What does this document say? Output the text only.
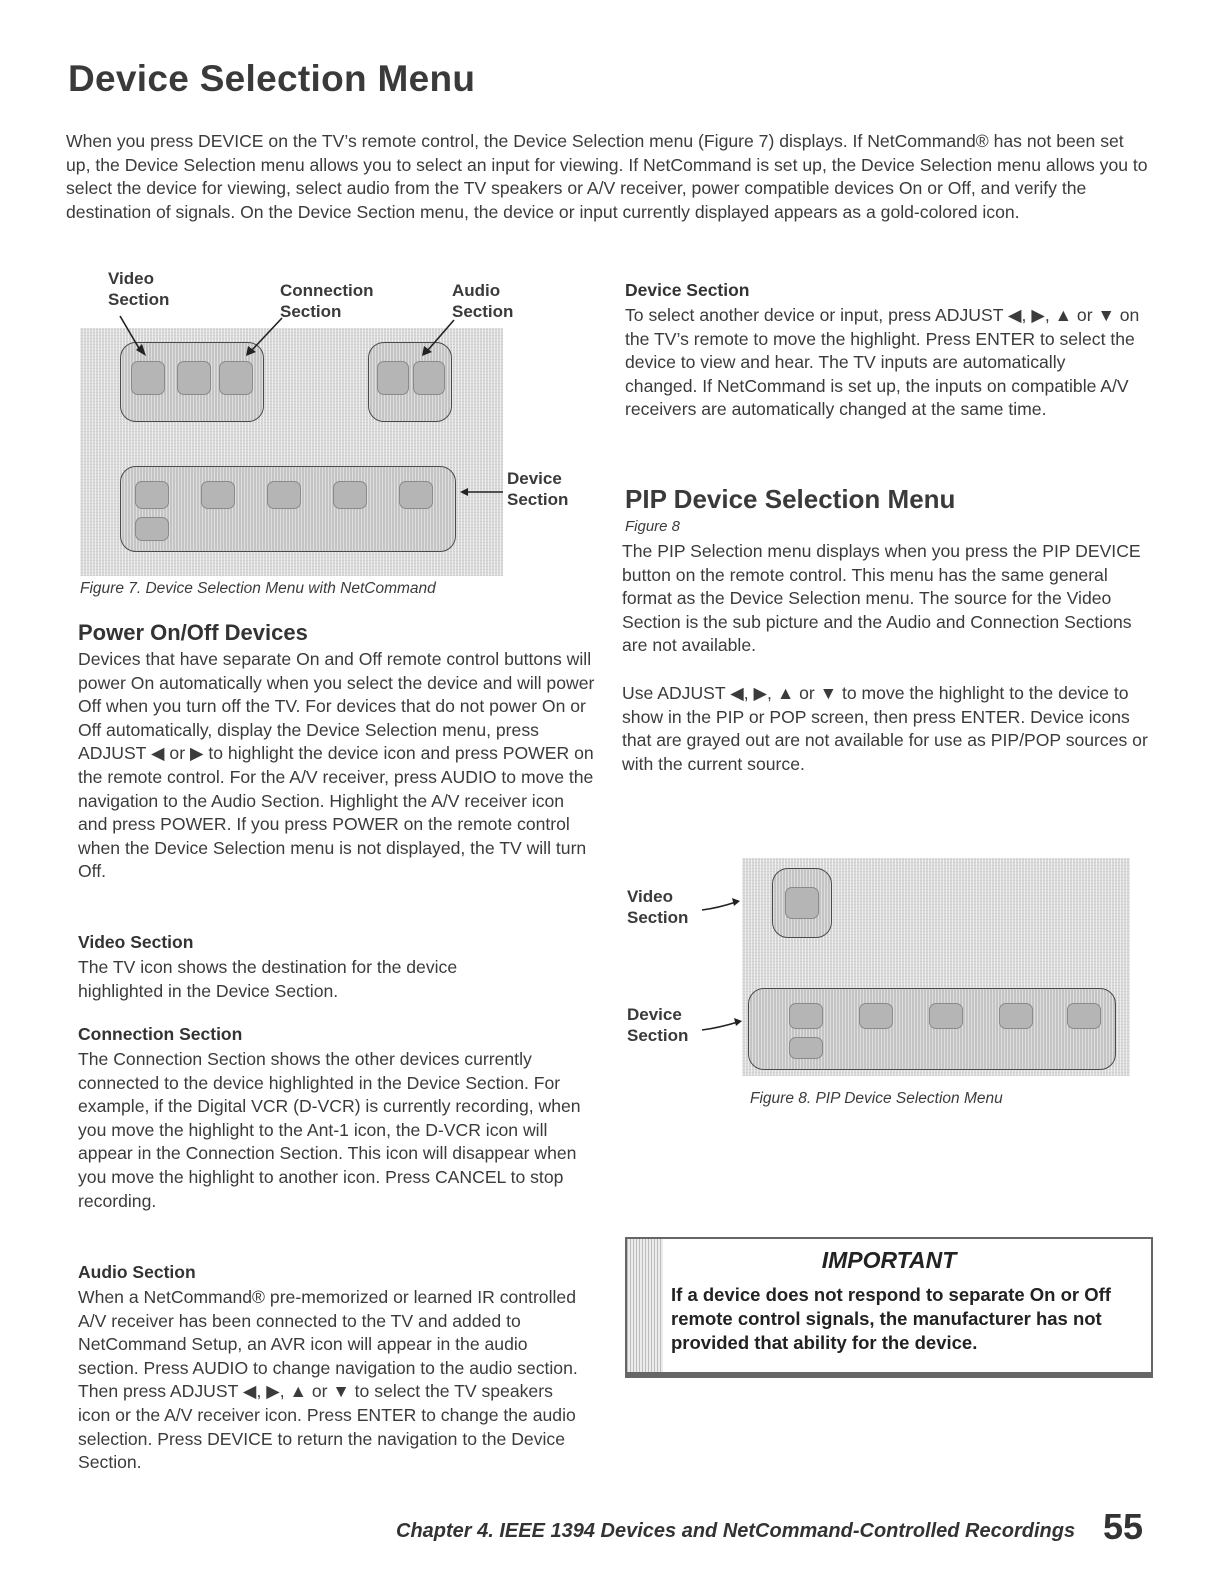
Device Selection Menu
When you press DEVICE on the TV’s remote control, the Device Selection menu (Figure 7) displays. If NetCommand® has not been set up, the Device Selection menu allows you to select an input for viewing. If NetCommand is set up, the Device Selection menu allows you to select the device for viewing, select audio from the TV speakers or A/V receiver, power compatible devices On or Off, and verify the destination of signals. On the Device Section menu, the device or input currently displayed appears as a gold-colored icon.
Video
Section	Connection
Section
Audio
Section
Device
Section
Figure 7. Device Selection Menu with NetCommand
Power On/Off Devices
Devices that have separate On and Off remote control buttons will power On automatically when you select the device and will power Off when you turn off the TV. For devices that do not power On or Off automatically, display the Device Selection menu, press ADJUST ◀ or ▶ to highlight the device icon and press POWER on the remote control. For the A/V receiver, press AUDIO to move the navigation to the Audio Section. Highlight the A/V receiver icon and press POWER. If you press POWER on the remote control when the Device Selection menu is not displayed, the TV will turn Off.
Video Section
The TV icon shows the destination for the device highlighted in the Device Section.
Connection Section
The Connection Section shows the other devices currently connected to the device highlighted in the Device Section. For example, if the Digital VCR (D-VCR) is currently recording, when you move the highlight to the Ant-1 icon, the D-VCR icon will appear in the Connection Section. This icon will disappear when you move the highlight to another icon. Press CANCEL to stop recording.
Audio Section
When a NetCommand® pre-memorized or learned IR controlled A/V receiver has been connected to the TV and added to NetCommand Setup, an AVR icon will appear in the audio section. Press AUDIO to change navigation to the audio section. Then press ADJUST ◀, ▶, ▲ or ▼ to select the TV speakers icon or the A/V receiver icon. Press ENTER to change the audio selection. Press DEVICE to return the navigation to the Device Section.
Device Section
To select another device or input, press ADJUST ◀, ▶, ▲ or ▼ on the TV’s remote to move the highlight. Press ENTER to select the device to view and hear. The TV inputs are automatically changed. If NetCommand is set up, the inputs on compatible A/V receivers are automatically changed at the same time.
PIP Device Selection Menu
Figure 8
The PIP Selection menu displays when you press the PIP DEVICE button on the remote control. This menu has the same general format as the Device Selection menu. The source for the Video Section is the sub picture and the Audio and Connection Sections are not available.
Use ADJUST ◀, ▶, ▲ or ▼ to move the highlight to the device to show in the PIP or POP screen, then press ENTER. Device icons that are grayed out are not available for use as PIP/POP sources or with the current source.
Video
Section
Device
Section
Figure 8. PIP Device Selection Menu
IMPORTANT
If a device does not respond to separate On or Off remote control signals, the manufacturer has not provided that ability for the device.
Chapter 4. IEEE 1394 Devices and NetCommand-Controlled Recordings 55
